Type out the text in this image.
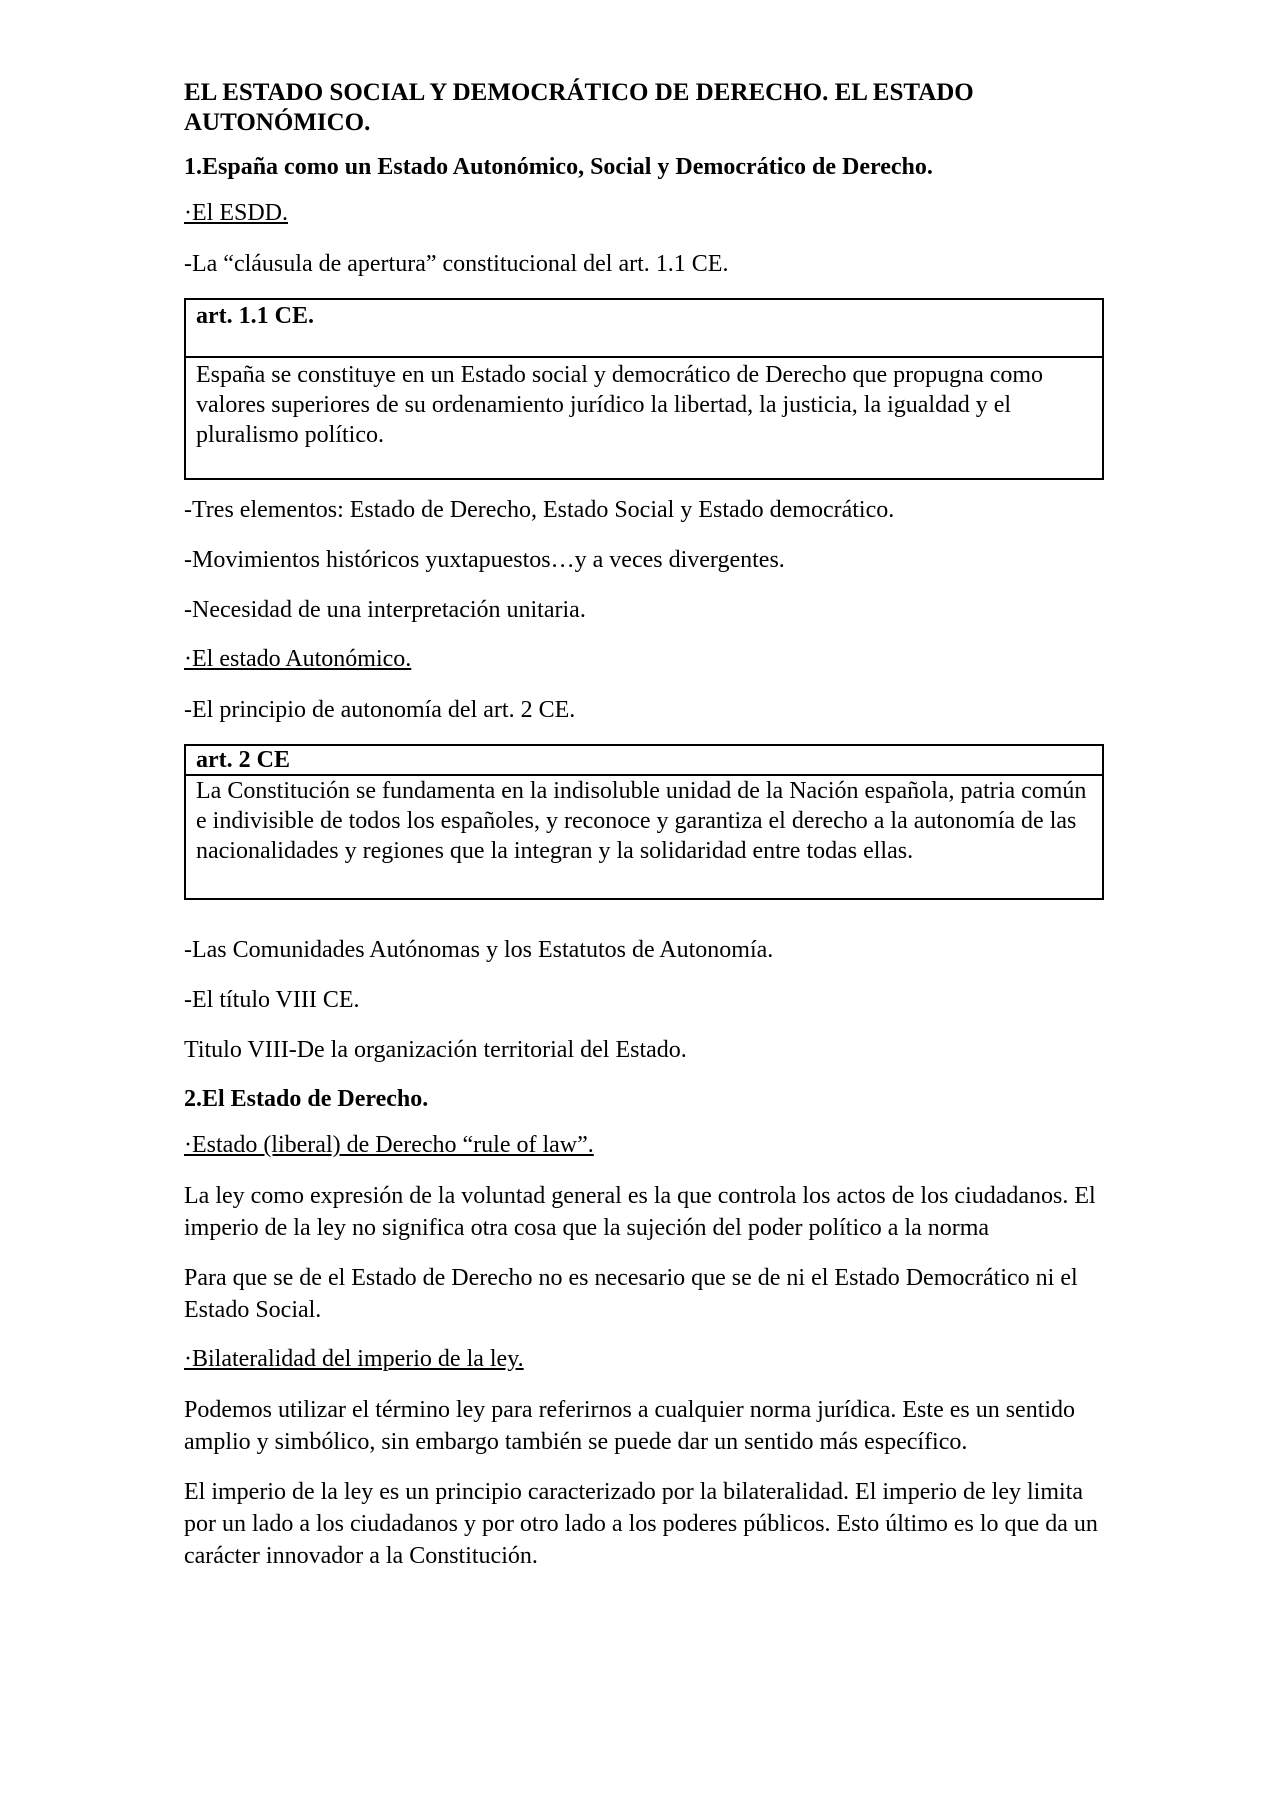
EL ESTADO SOCIAL Y DEMOCRÁTICO DE DERECHO. EL ESTADO AUTONÓMICO.
1.España como un Estado Autonómico, Social y Democrático de Derecho.
·El ESDD.

-La “cláusula de apertura” constitucional del art. 1.1 CE.

art. 1.1 CE.
España se constituye en un Estado social y democrático de Derecho que propugna como valores superiores de su ordenamiento jurídico la libertad, la justicia, la igualdad y el pluralismo político.

-Tres elementos: Estado de Derecho, Estado Social y Estado democrático.

-Movimientos históricos yuxtapuestos…y a veces divergentes.

-Necesidad de una interpretación unitaria.

·El estado Autonómico.

-El principio de autonomía del art. 2 CE.

art. 2 CE
La Constitución se fundamenta en la indisoluble unidad de la Nación española, patria común e indivisible de todos los españoles, y reconoce y garantiza el derecho a la autonomía de las nacionalidades y regiones que la integran y la solidaridad entre todas ellas.

-Las Comunidades Autónomas y los Estatutos de Autonomía.

-El título VIII CE.

Titulo VIII-De la organización territorial del Estado.

2.El Estado de Derecho.
·Estado (liberal) de Derecho “rule of law”.

La ley como expresión de la voluntad general es la que controla los actos de los ciudadanos. El imperio de la ley no significa otra cosa que la sujeción del poder político a la norma

Para que se de el Estado de Derecho no es necesario que se de ni el Estado Democrático ni el Estado Social.

·Bilateralidad del imperio de la ley.

Podemos utilizar el término ley para referirnos a cualquier norma jurídica. Este es un sentido amplio y simbólico, sin embargo también se puede dar un sentido más específico.

El imperio de la ley es un principio caracterizado por la bilateralidad. El imperio de ley limita por un lado a los ciudadanos y por otro lado a los poderes públicos. Esto último es lo que da un carácter innovador a la Constitución.
